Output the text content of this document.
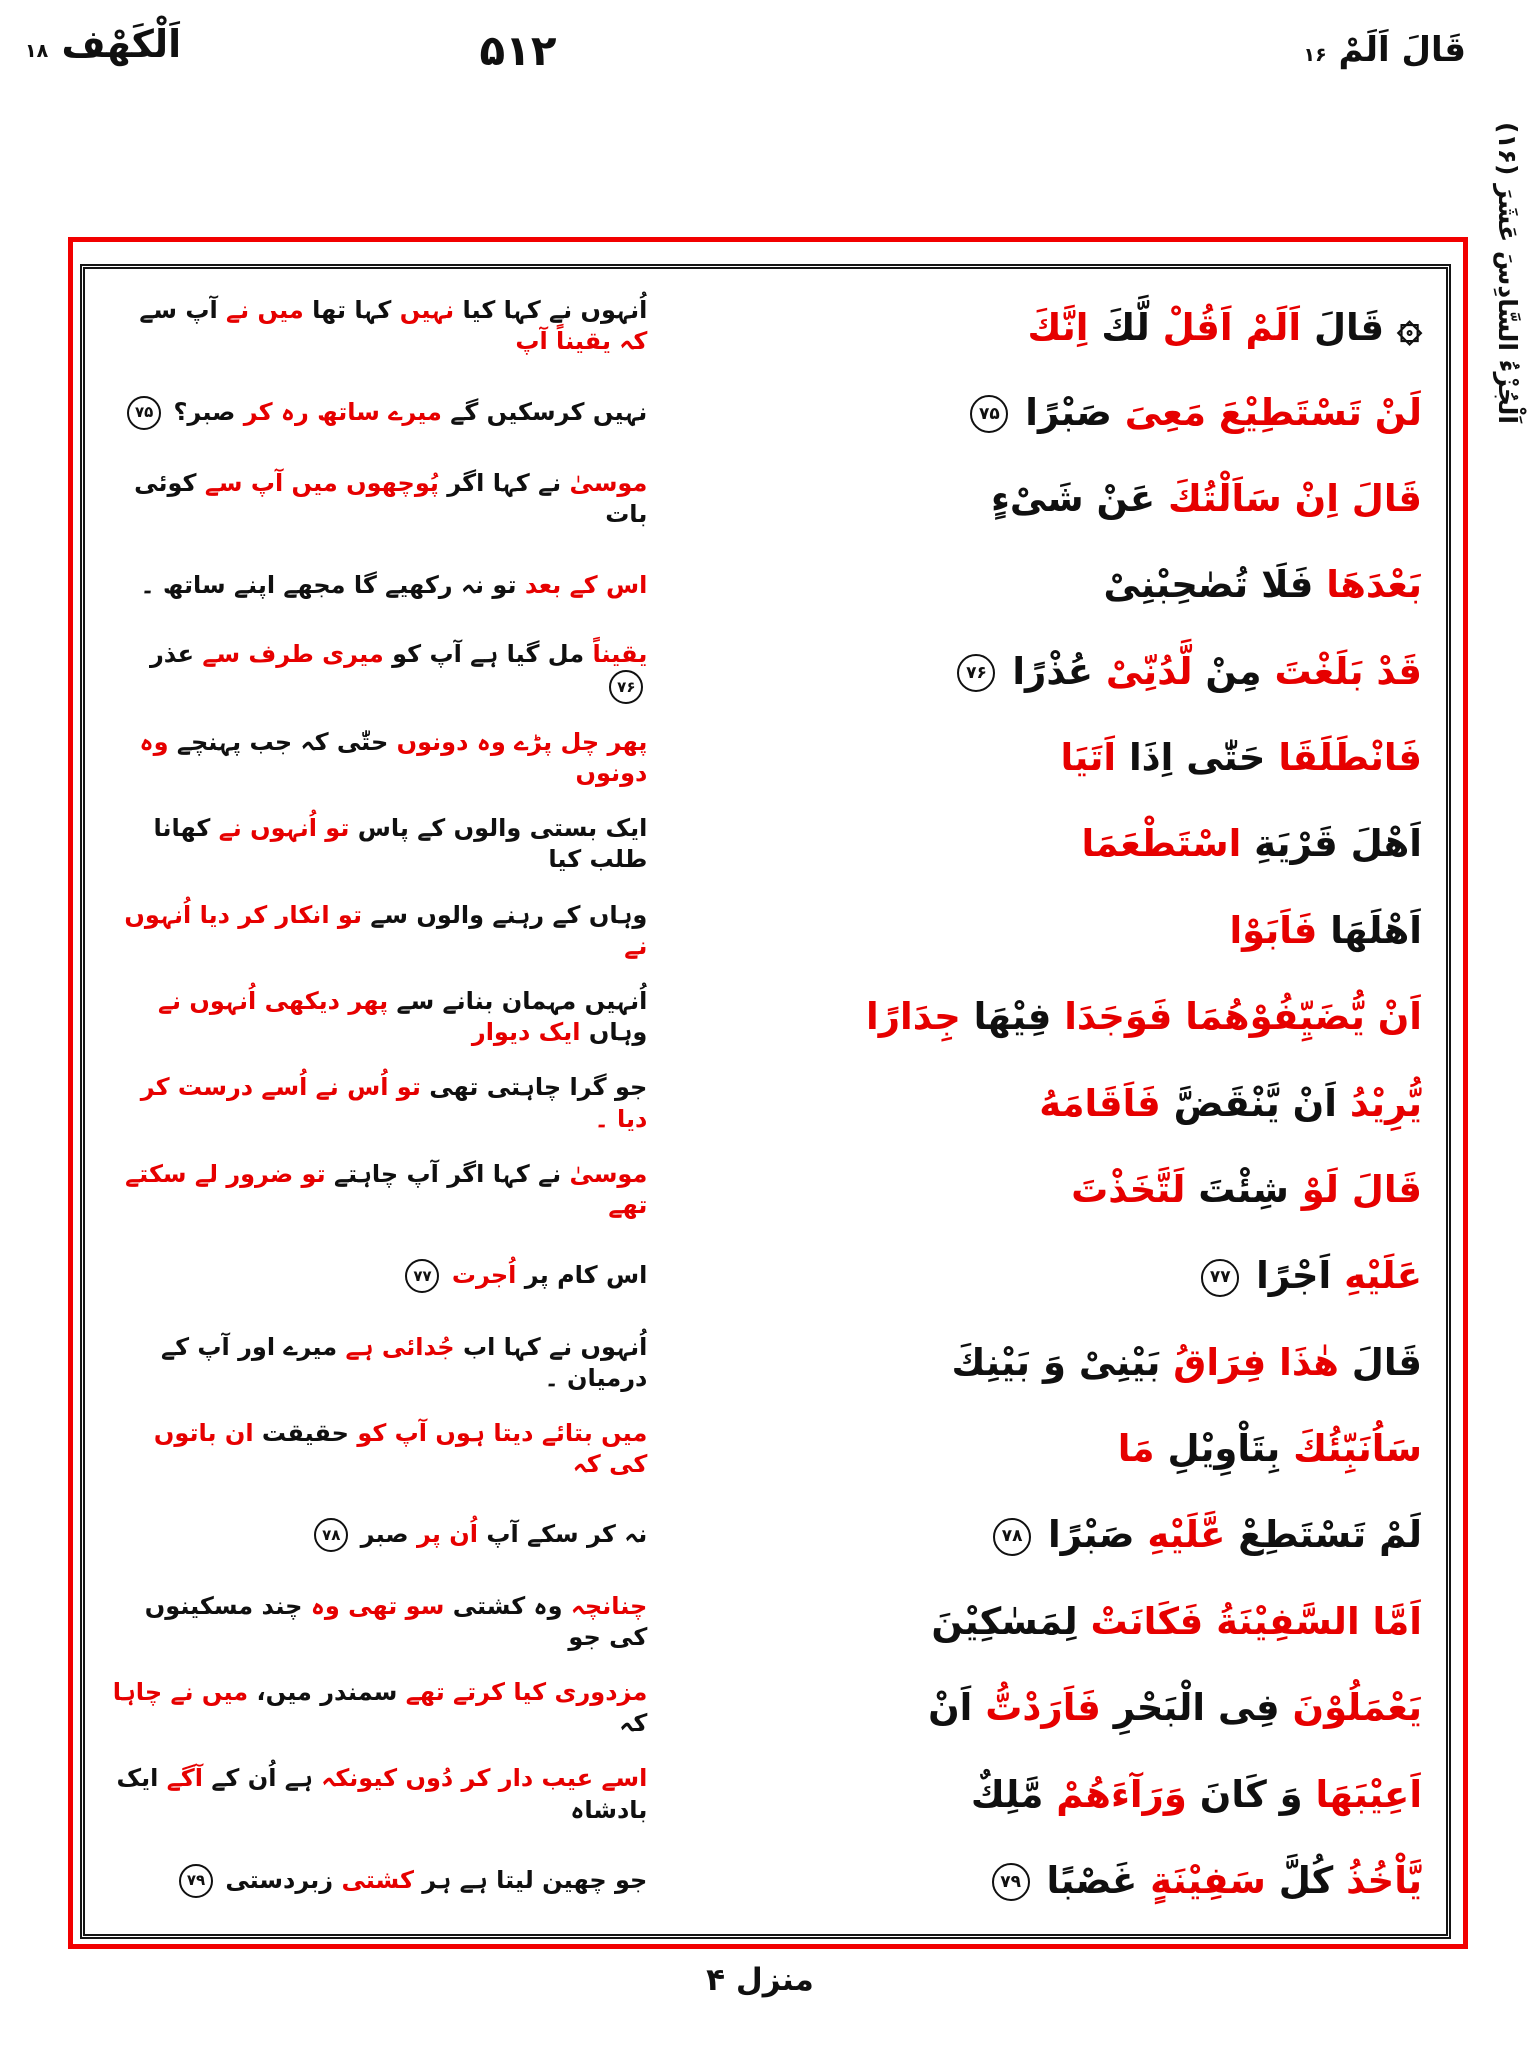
اَلْكَهْف ۱۸	۵۱۲	قَالَ اَلَمْ ۱۶
اَلْجُزْءُ السَّادِسَ عَشَرَ (۱۶)
۞ قَالَ اَلَمْ اَقُلْ لَّكَ اِنَّكَ
اُنہوں نے کہا کیا نہیں کہا تھا میں نے آپ سے کہ یقیناً آپ
لَنْ تَسْتَطِیْعَ مَعِیَ صَبْرًا ۷۵
نہیں کرسکیں گے میرے ساتھ رہ کر صبر؟ ۷۵
قَالَ اِنْ سَاَلْتُكَ عَنْ شَیْءٍ
موسیٰ نے کہا اگر پُوچھوں میں آپ سے کوئی بات
بَعْدَهَا فَلَا تُصٰحِبْنِیْ
اس کے بعد تو نہ رکھیے گا مجھے اپنے ساتھ ۔
قَدْ بَلَغْتَ مِنْ لَّدُنِّیْ عُذْرًا ۷۶
یقیناً مل گیا ہے آپ کو میری طرف سے عذر ۷۶
فَانْطَلَقَا حَتّٰی اِذَا اَتَیَا
پھر چل پڑے وہ دونوں حتّٰی کہ جب پہنچے وہ دونوں
اَهْلَ قَرْیَةِ اسْتَطْعَمَا
ایک بستی والوں کے پاس تو اُنہوں نے کھانا طلب کیا
اَهْلَهَا فَاَبَوْا
وہاں کے رہنے والوں سے تو انکار کر دیا اُنہوں نے
اَنْ یُّضَیِّفُوْهُمَا فَوَجَدَا فِیْهَا جِدَارًا
اُنہیں مہمان بنانے سے پھر دیکھی اُنہوں نے وہاں ایک دیوار
یُّرِیْدُ اَنْ یَّنْقَضَّ فَاَقَامَهُ
جو گرا چاہتی تھی تو اُس نے اُسے درست کر دیا ۔
قَالَ لَوْ شِئْتَ لَتَّخَذْتَ
موسیٰ نے کہا اگر آپ چاہتے تو ضرور لے سکتے تھے
عَلَیْهِ اَجْرًا ۷۷
اس کام پر اُجرت ۷۷
قَالَ هٰذَا فِرَاقُ بَیْنِیْ وَ بَیْنِكَ
اُنہوں نے کہا اب جُدائی ہے میرے اور آپ کے درمیان ۔
سَاُنَبِّئُكَ بِتَاْوِیْلِ مَا
میں بتائے دیتا ہوں آپ کو حقیقت ان باتوں کی کہ
لَمْ تَسْتَطِعْ عَّلَیْهِ صَبْرًا ۷۸
نہ کر سکے آپ اُن پر صبر ۷۸
اَمَّا السَّفِیْنَةُ فَكَانَتْ لِمَسٰكِیْنَ
چنانچہ وہ کشتی سو تھی وہ چند مسکینوں کی جو
یَعْمَلُوْنَ فِی الْبَحْرِ فَاَرَدْتُّ اَنْ
مزدوری کیا کرتے تھے سمندر میں، میں نے چاہا کہ
اَعِیْبَهَا وَ كَانَ وَرَآءَهُمْ مَّلِكٌ
اسے عیب دار کر دُوں کیونکہ ہے اُن کے آگے ایک بادشاہ
یَّاْخُذُ كُلَّ سَفِیْنَةٍ غَصْبًا ۷۹
جو چھین لیتا ہے ہر کشتی زبردستی ۷۹
منزل ۴
